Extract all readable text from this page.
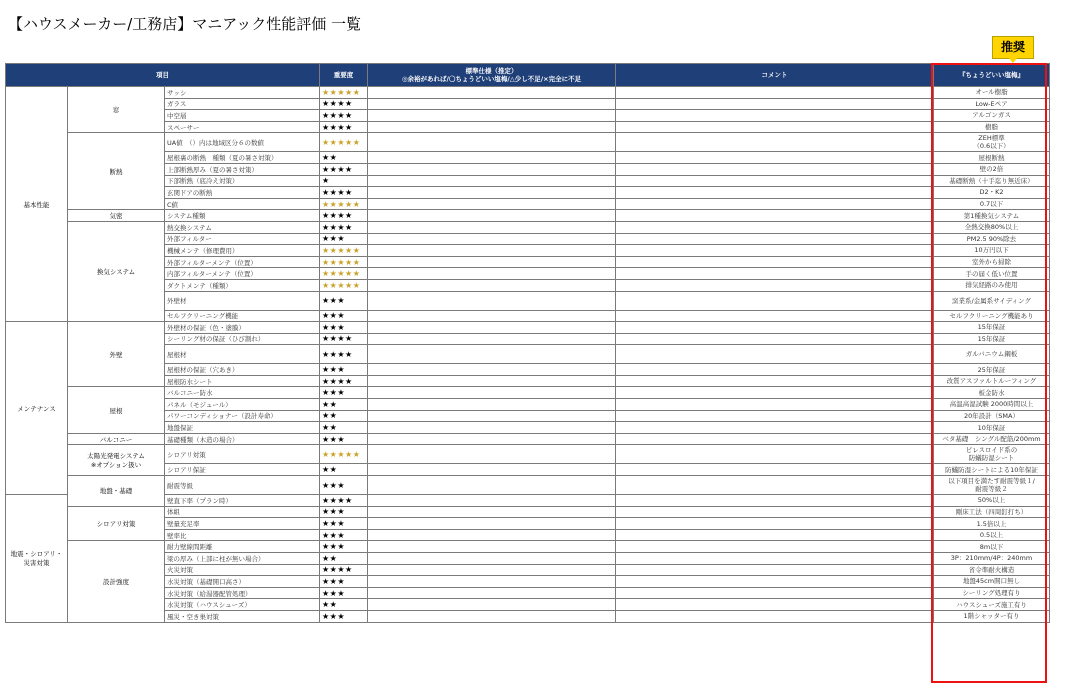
【ハウスメーカー/工務店】マニアック性能評価 一覧
推奨
項目			重要度	標準仕様（推定）
◎余裕があれば/〇ちょうどいい塩梅/△少し不足/×完全に不足	コメント	『ちょうどいい塩梅』
基本性能	窓	サッシ	★★★★★			オール樹脂
		ガラス	★★★★			Low-Eペア
		中空層	★★★★			アルゴンガス
		スペーサー	★★★★			樹脂
	断熱	UA値　（）内は地域区分６の数値	★★★★★			ZEH標準
（0.6以下）
		屋根裏の断熱　種類（夏の暑さ対策）	★★			屋根断熱
		上部断熱厚み（夏の暑さ対策）	★★★★			壁の2倍
		下部断熱（底冷え対策）	★			基礎断熱（十手迄り無近床）
		玄関ドアの断熱	★★★★			D2・K2
		C値	★★★★★			0.7以下
	気密	システム種類	★★★★			第1種換気システム
	換気システム	熱交換システム	★★★★			全熱交換80%以上
		外部フィルター	★★★			PM2.5 90%除去
		機械メンテ（修理費用）	★★★★★			10万円以下
		外部フィルターメンテ（位置）	★★★★★			室外から掃除
		内部フィルターメンテ（位置）	★★★★★			手の届く低い位置
		ダクトメンテ（種類）	★★★★★			排気経路のみ使用
		外壁材	★★★			窯業系/金属系サイディング
		セルフクリーニング機能	★★★			セルフクリーニング機能あり
メンテナンス	外壁	外壁材の保証（色・塗膜）	★★★			15年保証
		シーリング材の保証（ひび割れ）	★★★★			15年保証
		屋根材	★★★★			ガルバニウム鋼板
		屋根材の保証（穴あき）	★★★			25年保証
		屋根防水シート	★★★★			改質アスファルトルーフィング
	屋根	バルコニー防水	★★★			板金防水
		パネル（モジュール）	★★			高温高湿試験 2000時間以上
		パワーコンディショナー（設計寿命）	★★			20年設計（SMA）
		地盤保証	★★			10年保証
	バルコニー	基礎種類（木造の場合）	★★★			ベタ基礎　シングル配筋/200mm
	太陽光発電システム
※オプション扱い	シロアリ対策	★★★★★			ビレスロイド系の
防蟻防湿シート
		シロアリ保証	★★			防蟻防湿シートによる10年保証
	地盤・基礎	耐震等級	★★★			以下項目を満たす耐震等級１/
耐震等級２
地震・シロアリ・
災害対策		壁直下率（プラン時）	★★★★			50%以上
	シロアリ対策	体組	★★★			剛床工法（四周釘打ち）
		壁量充足率	★★★			1.5倍以上
		壁率比	★★★			0.5以上
	設計強度	耐力壁線間距離	★★★			8m以下
		梁の厚み（上部に柱が無い場合）	★★			3P：210mm/4P：240mm
		火災対策	★★★★			省令準耐火構造
		水災対策（基礎開口高さ）	★★★			地盤45cm開口無し
		水災対策（給湯器配管処理）	★★★			シーリング処理有り
		水災対策（ハウスシューズ）	★★			ハウスシューズ施工有り
		風災・空き巣対策	★★★			1階シャッター有り
